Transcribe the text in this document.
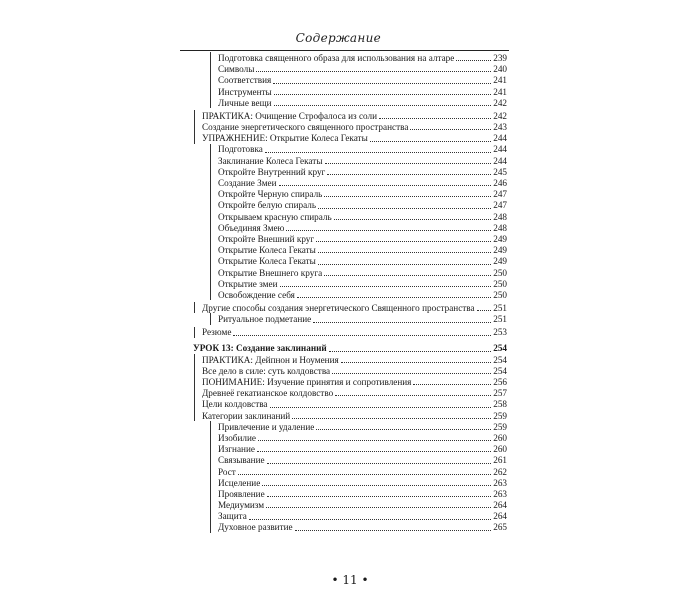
Содержание
Подготовка священного образа для использования на алтаре	239
Символы	240
Соответствия	241
Инструменты	241
Личные вещи	242
ПРАКТИКА: Очищение Строфалоса из соли	242
Создание энергетического священного пространства	243
УПРАЖНЕНИЕ: Открытие Колеса Гекаты	244
Подготовка	244
Заклинание Колеса Гекаты	244
Откройте Внутренний круг	245
Создание Змеи	246
Откройте Черную спираль	247
Откройте белую спираль	247
Открываем красную спираль	248
Объединяя Змею	248
Откройте Внешний круг	249
Открытие Колеса Гекаты	249
Открытие Колеса Гекаты	249
Открытие Внешнего круга	250
Открытие змеи	250
Освобождение себя	250
Другие способы создания энергетического Священного пространства 251
Ритуальное подметание	251
Резюме	253
УРОК 13: Создание заклинаний	254
ПРАКТИКА: Дейпнон и Ноумения	254
Все дело в силе: суть колдовства	254
ПОНИМАНИЕ: Изучение принятия и сопротивления	256
Древнеё гекатианское колдовство	257
Цели колдовства	258
Категории заклинаний	259
Привлечение и удаление	259
Изобилие	260
Изгнание	260
Связывание	261
Рост	262
Исцеление	263
Проявление	263
Медиумизм	264
Защита	264
Духовное развитие	265
• 11 •
